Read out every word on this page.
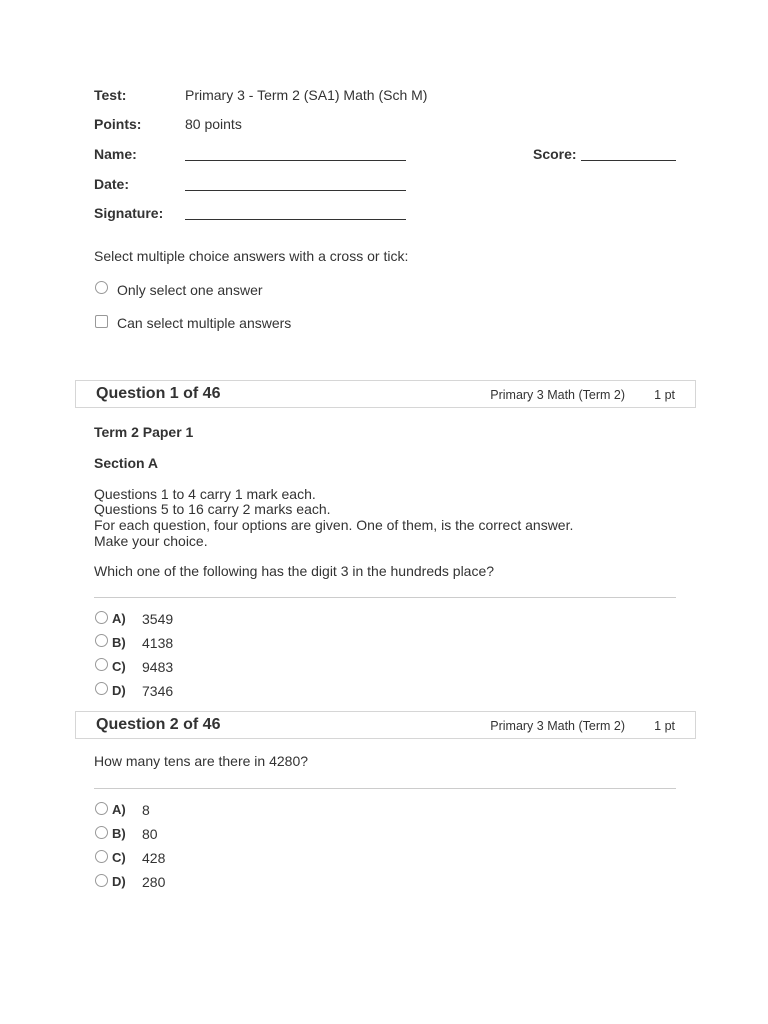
Test:	Primary 3 - Term 2 (SA1) Math (Sch M)
Points:	80 points
Name:	Score:
Date:
Signature:
Select multiple choice answers with a cross or tick:
Only select one answer
Can select multiple answers
Question 1 of 46	Primary 3 Math (Term 2) 1 pt
Term 2 Paper 1
Section A
Questions 1 to 4 carry 1 mark each.
Questions 5 to 16 carry 2 marks each.
For each question, four options are given. One of them, is the correct answer.
Make your choice.
Which one of the following has the digit 3 in the hundreds place?
A) 3549
B) 4138
C) 9483
D) 7346
Question 2 of 46	Primary 3 Math (Term 2) 1 pt
How many tens are there in 4280?
A) 8
B) 80
C) 428
D) 280
